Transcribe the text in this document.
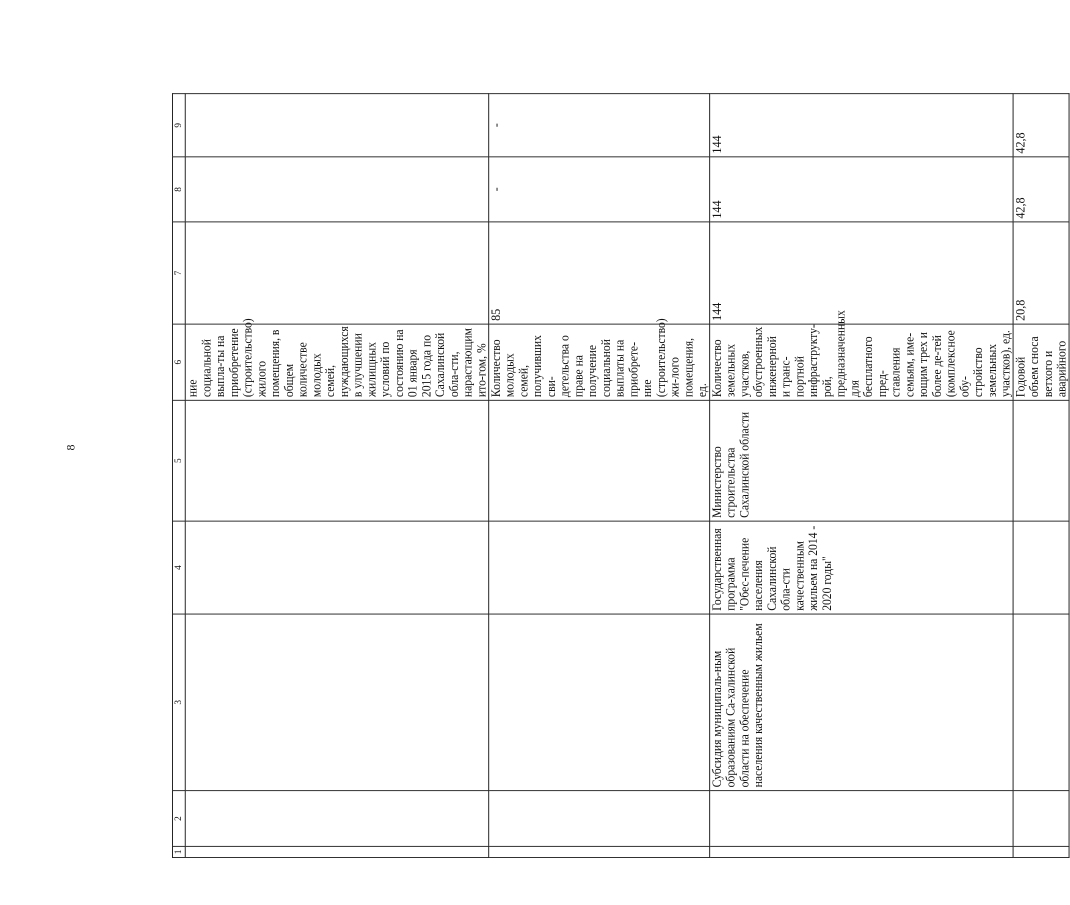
8
1	2	3	4	5	6	7	8	9
					ние социальной выпла-ты на приобретение (строительство) жилого помещения, в общем количестве молодых семей, нуждающихся в улучшении жилищных условий по состоянию на 01 января 2015 года по Сахалинской обла-сти, нарастающим ито-гом, %			
					Количество молодых семей, получивших сви-детельства о праве на получение социальной выплаты на приобрете-ние (строительство) жи-лого помещения, ед.	85	-	-
		Субсидия муниципаль-ным образованиям Са-халинской области на обеспечение населения качественным жильем	Государственная программа "Обес-печение населения Сахалинской обла-сти качественным жильем на 2014 - 2020 годы"	Министерство строительства Сахалинской области	Количество земельных участков, обустроенных инженерной и транс-портной инфраструкту-рой, предназначенных для бесплатного пред-ставления семьям, име-ющим трех и более де-тей (комплексное обу-стройство земельных участков), ед.	144	144	144
					Годовой объем сноса ветхого и аварийного	20,8	42,8	42,8
